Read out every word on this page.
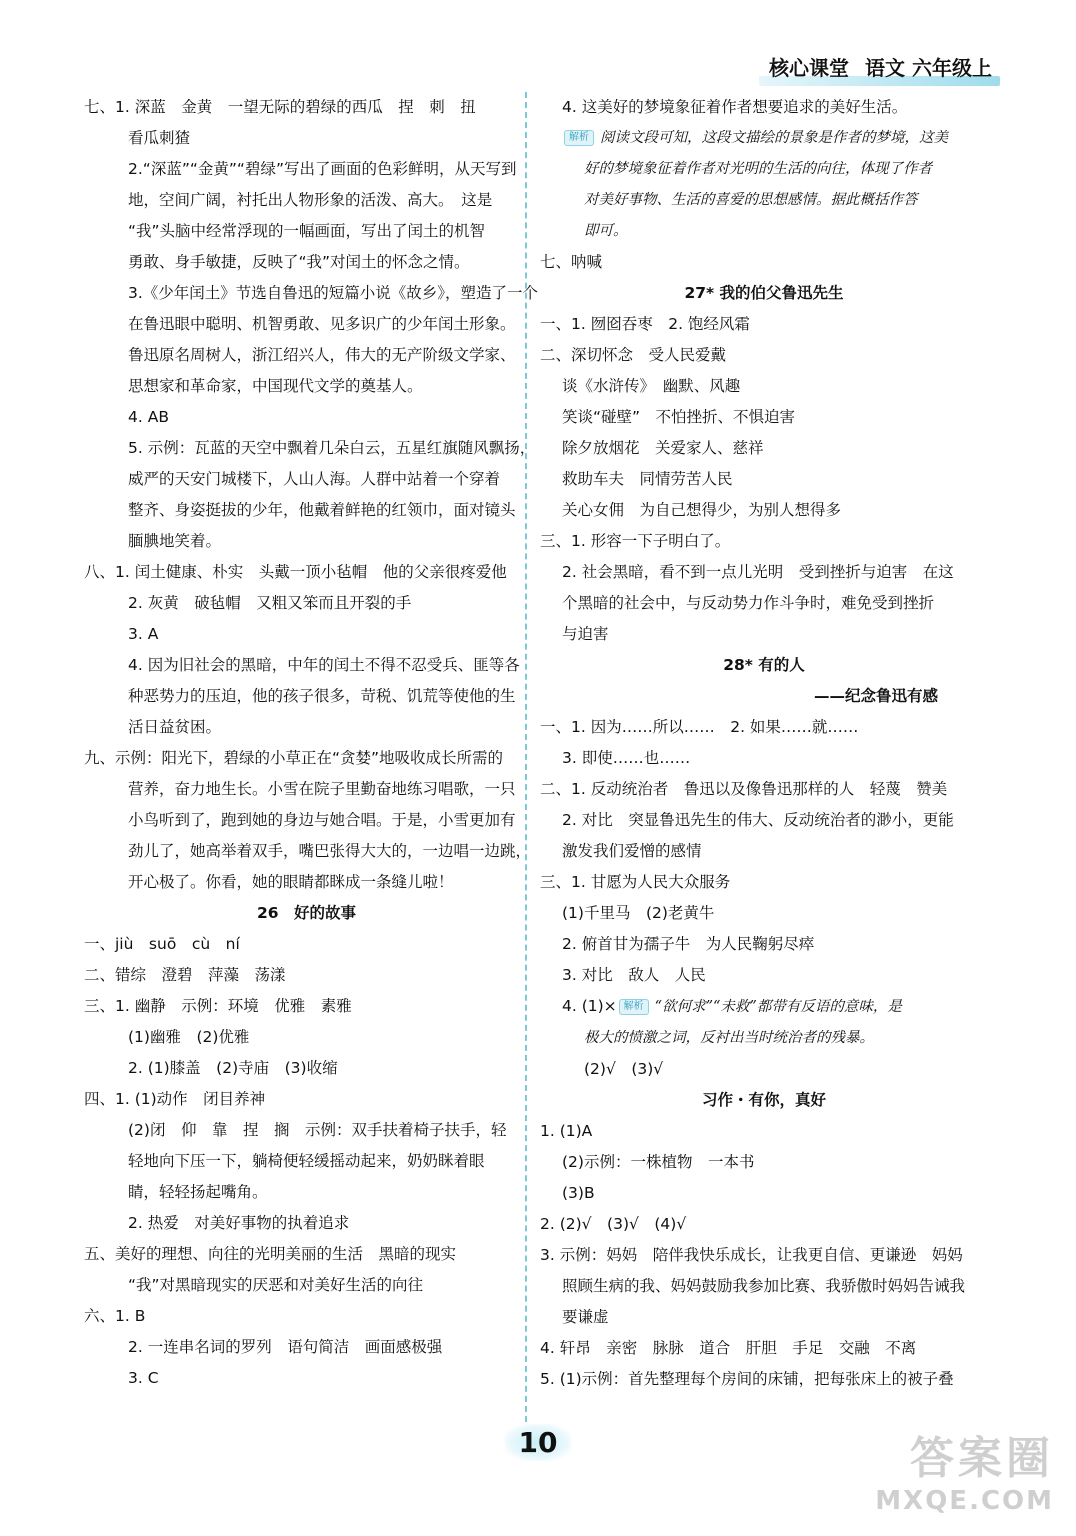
核心课堂 语文 六年级上
七、1. 深蓝　金黄　一望无际的碧绿的西瓜　捏　刺　扭
看瓜刺猹
2.“深蓝”“金黄”“碧绿”写出了画面的色彩鲜明，从天写到
地，空间广阔，衬托出人物形象的活泼、高大。　这是
“我”头脑中经常浮现的一幅画面，写出了闰土的机智
勇敢、身手敏捷，反映了“我”对闰土的怀念之情。
3.《少年闰土》节选自鲁迅的短篇小说《故乡》，塑造了一个
在鲁迅眼中聪明、机智勇敢、见多识广的少年闰土形象。
鲁迅原名周树人，浙江绍兴人，伟大的无产阶级文学家、
思想家和革命家，中国现代文学的奠基人。
4. AB
5. 示例：瓦蓝的天空中飘着几朵白云，五星红旗随风飘扬，
威严的天安门城楼下，人山人海。人群中站着一个穿着
整齐、身姿挺拔的少年，他戴着鲜艳的红领巾，面对镜头
腼腆地笑着。
八、1. 闰土健康、朴实　头戴一顶小毡帽　他的父亲很疼爱他
2. 灰黄　破毡帽　又粗又笨而且开裂的手
3. A
4. 因为旧社会的黑暗，中年的闰土不得不忍受兵、匪等各
种恶势力的压迫，他的孩子很多，苛税、饥荒等使他的生
活日益贫困。
九、示例：阳光下，碧绿的小草正在“贪婪”地吸收成长所需的
营养，奋力地生长。小雪在院子里勤奋地练习唱歌，一只
小鸟听到了，跑到她的身边与她合唱。于是，小雪更加有
劲儿了，她高举着双手，嘴巴张得大大的，一边唱一边跳，
开心极了。你看，她的眼睛都眯成一条缝儿啦！
26　好的故事
一、jiù　suō　cù　ní
二、错综　澄碧　萍藻　荡漾
三、1. 幽静　示例：环境　优雅　素雅
(1)幽雅　(2)优雅
2. (1)膝盖　(2)寺庙　(3)收缩
四、1. (1)动作　闭目养神
(2)闭　仰　靠　捏　搁　示例：双手扶着椅子扶手，轻
轻地向下压一下，躺椅便轻缓摇动起来，奶奶眯着眼
睛，轻轻扬起嘴角。
2. 热爱　对美好事物的执着追求
五、美好的理想、向往的光明美丽的生活　黑暗的现实
“我”对黑暗现实的厌恶和对美好生活的向往
六、1. B
2. 一连串名词的罗列　语句简洁　画面感极强
3. C
4. 这美好的梦境象征着作者想要追求的美好生活。
解析 阅读文段可知，这段文描绘的景象是作者的梦境，这美
好的梦境象征着作者对光明的生活的向往，体现了作者
对美好事物、生活的喜爱的思想感情。据此概括作答
即可。
七、呐喊
27* 我的伯父鲁迅先生
一、1. 囫囵吞枣　2. 饱经风霜
二、深切怀念　受人民爱戴
谈《水浒传》　幽默、风趣
笑谈“碰壁”　不怕挫折、不惧迫害
除夕放烟花　关爱家人、慈祥
救助车夫　同情劳苦人民
关心女佣　为自己想得少，为别人想得多
三、1. 形容一下子明白了。
2. 社会黑暗，看不到一点儿光明　受到挫折与迫害　在这
个黑暗的社会中，与反动势力作斗争时，难免受到挫折
与迫害
28* 有的人
——纪念鲁迅有感
一、1. 因为……所以……　2. 如果……就……
3. 即使……也……
二、1. 反动统治者　鲁迅以及像鲁迅那样的人　轻蔑　赞美
2. 对比　突显鲁迅先生的伟大、反动统治者的渺小，更能
激发我们爱憎的感情
三、1. 甘愿为人民大众服务
(1)千里马　(2)老黄牛
2. 俯首甘为孺子牛　为人民鞠躬尽瘁
3. 对比　敌人　人民
4. (1)× 解析 “欲何求”“未救”都带有反语的意味，是
极大的愤激之词，反衬出当时统治者的残暴。
(2)√　(3)√
习作・有你，真好
1. (1)A
(2)示例：一株植物　一本书
(3)B
2. (2)√　(3)√　(4)√
3. 示例：妈妈　陪伴我快乐成长，让我更自信、更谦逊　妈妈
照顾生病的我、妈妈鼓励我参加比赛、我骄傲时妈妈告诫我
要谦虚
4. 轩昂　亲密　脉脉　道合　肝胆　手足　交融　不离
5. (1)示例：首先整理每个房间的床铺，把每张床上的被子叠
10	答案圈
MXQE.COM
